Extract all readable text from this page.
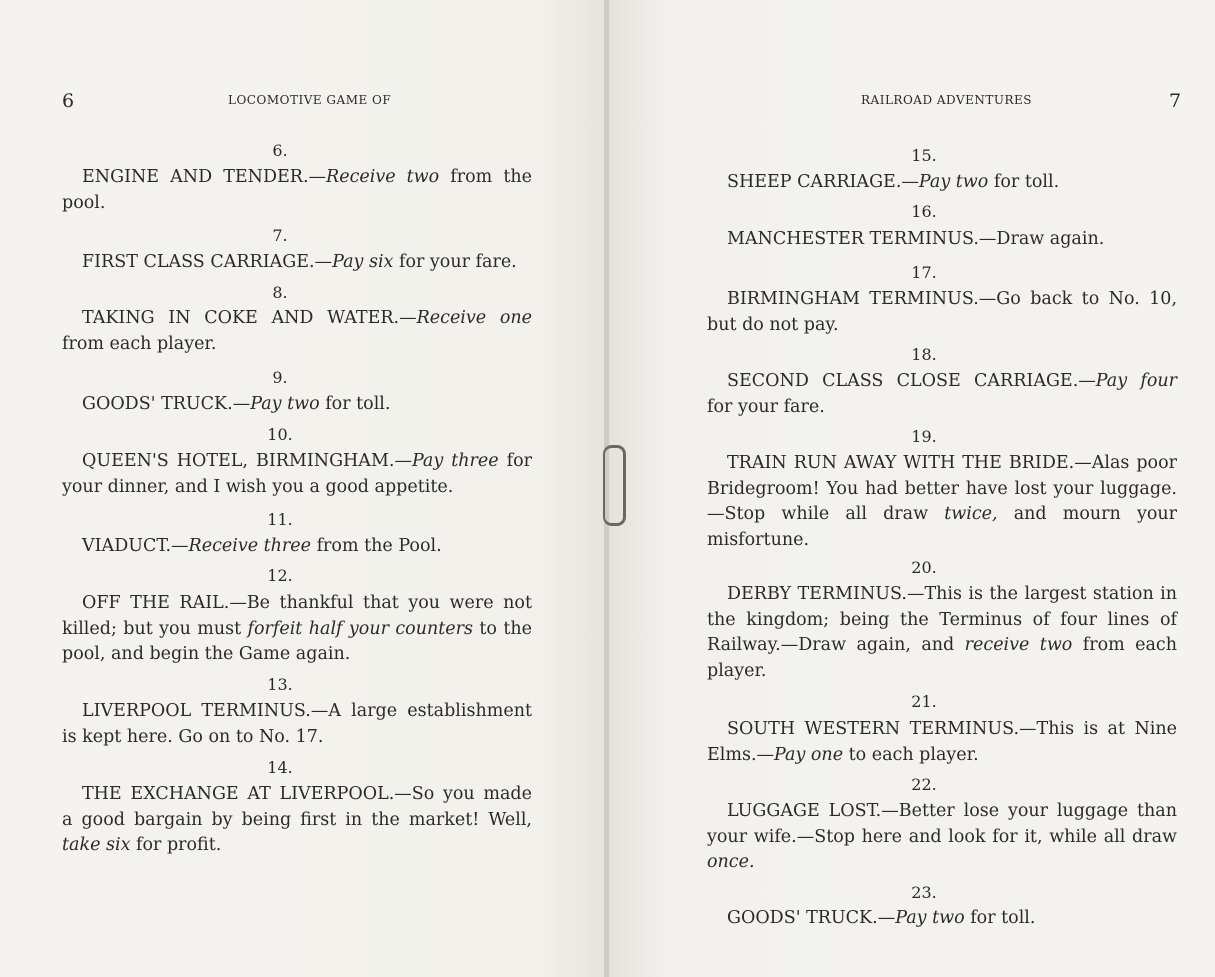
6	LOCOMOTIVE GAME OF	RAILROAD ADVENTURES	7
6.
ENGINE AND TENDER.—Receive two from the pool.
7.
FIRST CLASS CARRIAGE.—Pay six for your fare.
8.
TAKING IN COKE AND WATER.—Receive one from each player.
9.
GOODS' TRUCK.—Pay two for toll.
10.
QUEEN'S HOTEL, BIRMINGHAM.—Pay three for your dinner, and I wish you a good appetite.
11.
VIADUCT.—Receive three from the Pool.
12.
OFF THE RAIL.—Be thankful that you were not killed; but you must forfeit half your counters to the pool, and begin the Game again.
13.
LIVERPOOL TERMINUS.—A large establishment is kept here. Go on to No. 17.
14.
THE EXCHANGE AT LIVERPOOL.—So you made a good bargain by being first in the market! Well, take six for profit.
15.
SHEEP CARRIAGE.—Pay two for toll.
16.
MANCHESTER TERMINUS.—Draw again.
17.
BIRMINGHAM TERMINUS.—Go back to No. 10, but do not pay.
18.
SECOND CLASS CLOSE CARRIAGE.—Pay four for your fare.
19.
TRAIN RUN AWAY WITH THE BRIDE.—Alas poor Bridegroom! You had better have lost your luggage.—Stop while all draw twice, and mourn your misfortune.
20.
DERBY TERMINUS.—This is the largest station in the kingdom; being the Terminus of four lines of Railway.—Draw again, and receive two from each player.
21.
SOUTH WESTERN TERMINUS.—This is at Nine Elms.—Pay one to each player.
22.
LUGGAGE LOST.—Better lose your luggage than your wife.—Stop here and look for it, while all draw once.
23.
GOODS' TRUCK.—Pay two for toll.
